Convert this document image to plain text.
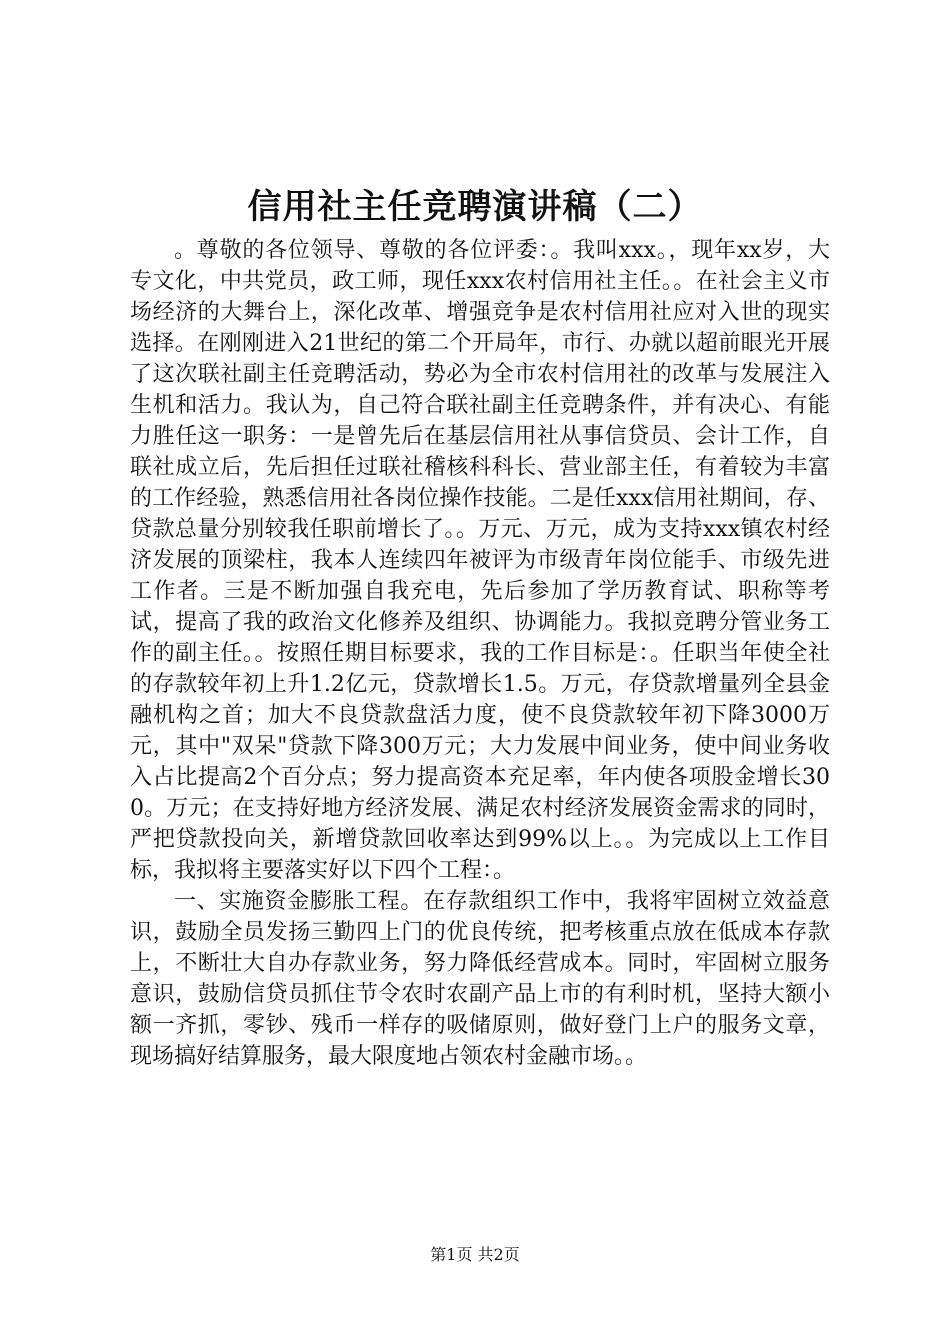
信用社主任竞聘演讲稿（二）

。尊敬的各位领导、尊敬的各位评委：。我叫xxx。，现年xx岁，大专文化，中共党员，政工师，现任xxx农村信用社主任。。在社会主义市场经济的大舞台上，深化改革、增强竞争是农村信用社应对入世的现实选择。在刚刚进入21世纪的第二个开局年，市行、办就以超前眼光开展了这次联社副主任竞聘活动，势必为全市农村信用社的改革与发展注入生机和活力。我认为，自己符合联社副主任竞聘条件，并有决心、有能力胜任这一职务：一是曾先后在基层信用社从事信贷员、会计工作，自联社成立后，先后担任过联社稽核科科长、营业部主任，有着较为丰富的工作经验，熟悉信用社各岗位操作技能。二是任xxx信用社期间，存、贷款总量分别较我任职前增长了。。万元、万元，成为支持xxx镇农村经济发展的顶梁柱，我本人连续四年被评为市级青年岗位能手、市级先进工作者。三是不断加强自我充电，先后参加了学历教育试、职称等考试，提高了我的政治文化修养及组织、协调能力。我拟竞聘分管业务工作的副主任。。按照任期目标要求，我的工作目标是：。任职当年使全社的存款较年初上升1.2亿元，贷款增长1.5。万元，存贷款增量列全县金融机构之首；加大不良贷款盘活力度，使不良贷款较年初下降3000万元，其中"双呆"贷款下降300万元；大力发展中间业务，使中间业务收入占比提高2个百分点；努力提高资本充足率，年内使各项股金增长300。万元；在支持好地方经济发展、满足农村经济发展资金需求的同时，严把贷款投向关，新增贷款回收率达到99%以上。。为完成以上工作目标，我拟将主要落实好以下四个工程：。

一、实施资金膨胀工程。在存款组织工作中，我将牢固树立效益意识，鼓励全员发扬三勤四上门的优良传统，把考核重点放在低成本存款上，不断壮大自办存款业务，努力降低经营成本。同时，牢固树立服务意识，鼓励信贷员抓住节令农时农副产品上市的有利时机，坚持大额小额一齐抓，零钞、残币一样存的吸储原则，做好登门上户的服务文章，现场搞好结算服务，最大限度地占领农村金融市场。。

第1页 共2页
